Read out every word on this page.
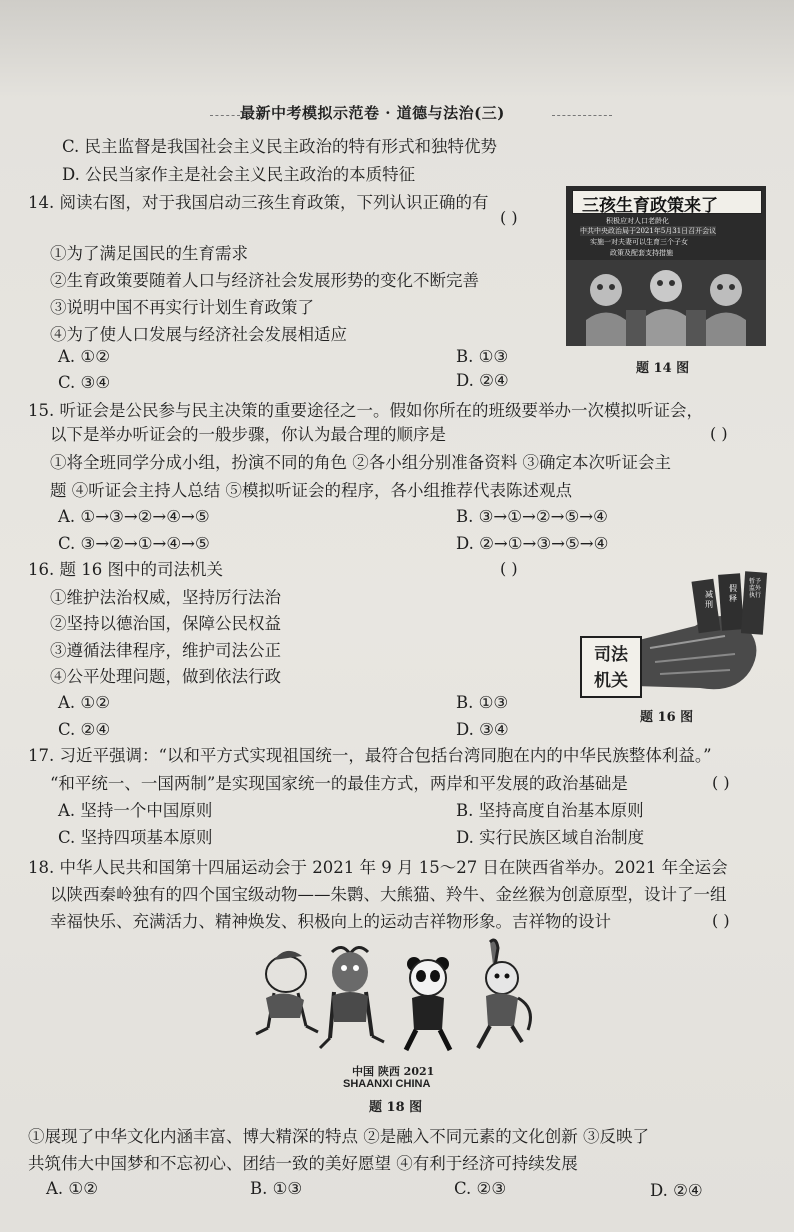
最新中考模拟示范卷 · 道德与法治(三)
C. 民主监督是我国社会主义民主政治的特有形式和独特优势
D. 公民当家作主是社会主义民主政治的本质特征
14. 阅读右图，对于我国启动三孩生育政策，下列认识正确的有
( )
①为了满足国民的生育需求
②生育政策要随着人口与经济社会发展形势的变化不断完善
③说明中国不再实行计划生育政策了
④为了使人口发展与经济社会发展相适应
A. ①②	B. ①③
C. ③④	D. ②④
三孩生育政策来了
积极应对人口老龄化
中共中央政治局于2021年5月31日召开会议
实施一对夫妻可以生育三个子女
政策及配套支持措施
题 14 图
15. 听证会是公民参与民主决策的重要途径之一。假如你所在的班级要举办一次模拟听证会，
以下是举办听证会的一般步骤，你认为最合理的顺序是	( )
①将全班同学分成小组，扮演不同的角色 ②各小组分别准备资料 ③确定本次听证会主
题 ④听证会主持人总结 ⑤模拟听证会的程序，各小组推荐代表陈述观点
A. ①→③→②→④→⑤	B. ③→①→②→⑤→④
C. ③→②→①→④→⑤	D. ②→①→③→⑤→④
16. 题 16 图中的司法机关	( )
①维护法治权威，坚持厉行法治
②坚持以德治国，保障公民权益
③遵循法律程序，维护司法公正
④公平处理问题，做到依法行政
A. ①②	B. ①③
C. ②④	D. ③④
减刑
假释
暂予监外执行
司法
机关
题 16 图
17. 习近平强调：“以和平方式实现祖国统一，最符合包括台湾同胞在内的中华民族整体利益。”
“和平统一、一国两制”是实现国家统一的最佳方式，两岸和平发展的政治基础是	( )
A. 坚持一个中国原则	B. 坚持高度自治基本原则
C. 坚持四项基本原则	D. 实行民族区域自治制度
18. 中华人民共和国第十四届运动会于 2021 年 9 月 15～27 日在陕西省举办。2021 年全运会
以陕西秦岭独有的四个国宝级动物——朱鹮、大熊猫、羚牛、金丝猴为创意原型，设计了一组
幸福快乐、充满活力、精神焕发、积极向上的运动吉祥物形象。吉祥物的设计	( )
中国 陕西 2021
SHAANXI CHINA
题 18 图
①展现了中华文化内涵丰富、博大精深的特点 ②是融入不同元素的文化创新 ③反映了
共筑伟大中国梦和不忘初心、团结一致的美好愿望 ④有利于经济可持续发展
A. ①②	B. ①③	C. ②③	D. ②④
